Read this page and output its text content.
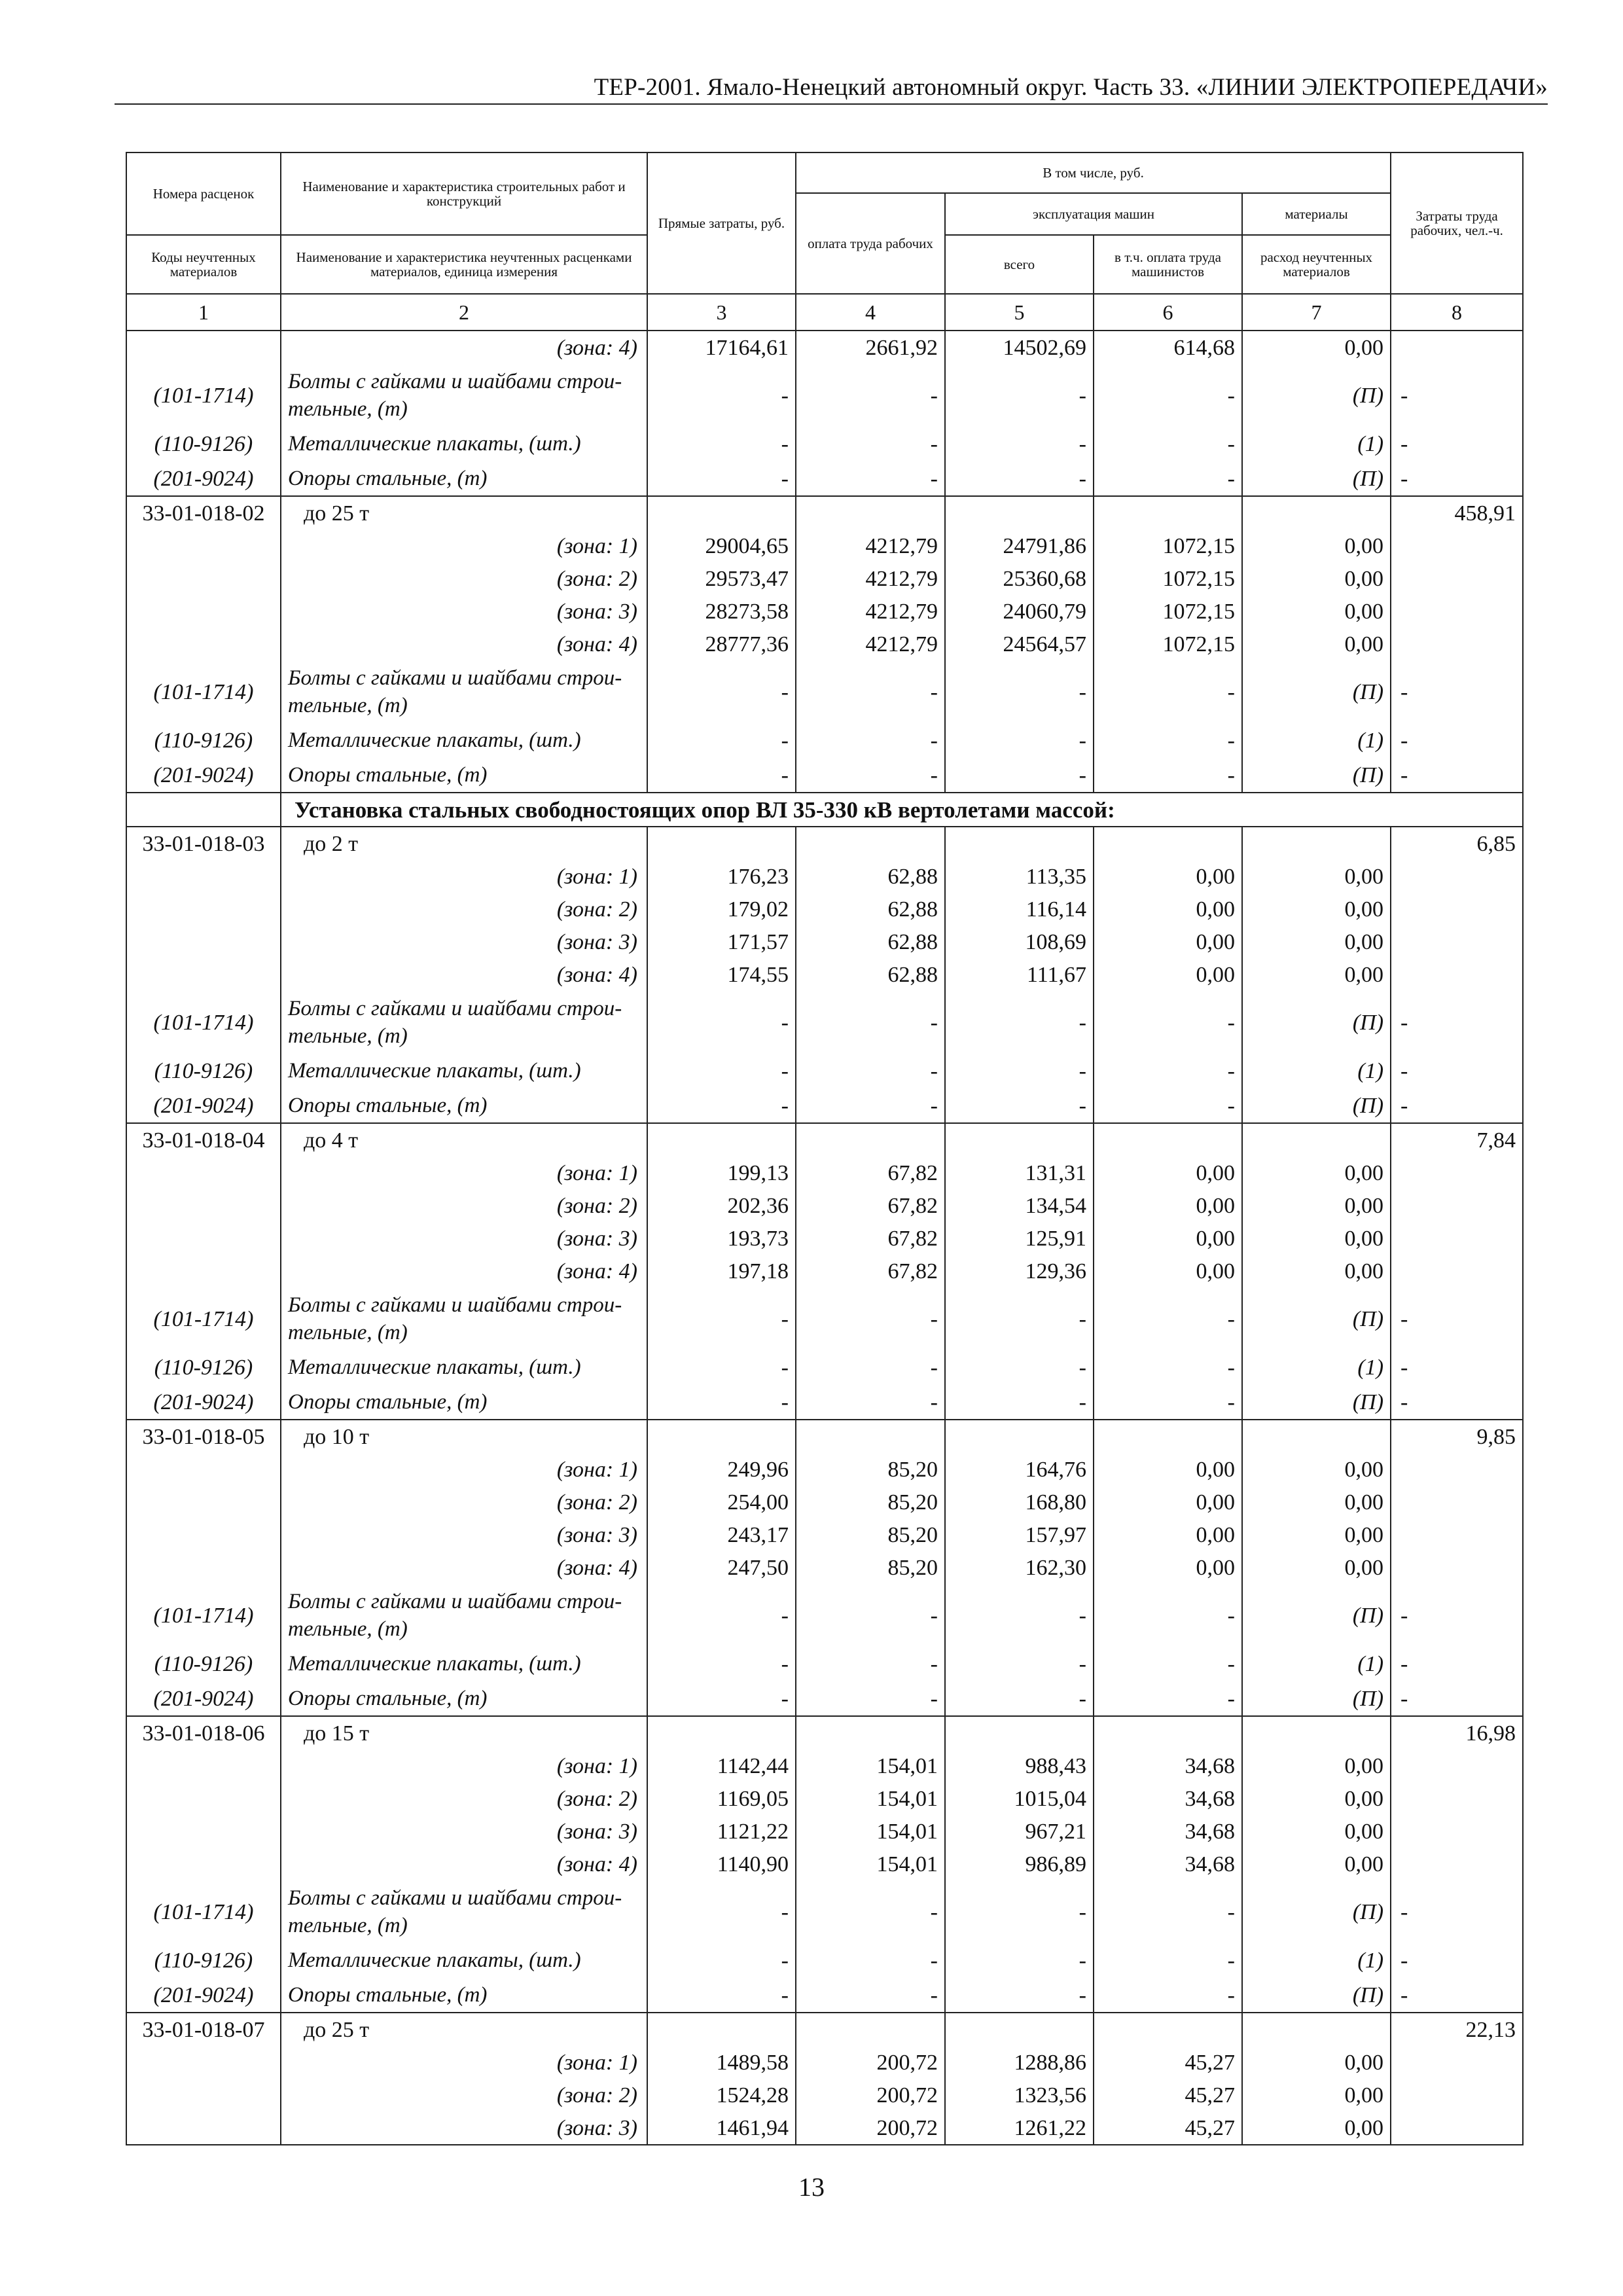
ТЕР-2001. Ямало-Ненецкий автономный округ. Часть 33. «ЛИНИИ ЭЛЕКТРОПЕРЕДАЧИ»
Номера расценок	Наименование и характеристика строительных работ и конструкций	Прямые затраты, руб.	В том числе, руб.				Затраты труда рабочих, чел.-ч.
			оплата труда рабочих	эксплуатация машин		материалы	
Коды неучтенных материалов	Наименование и характеристика неучтенных расценками материалов, единица измерения			всего	в т.ч. оплата труда машинистов	расход неучтенных материалов	
1	2	3	4	5	6	7	8
	(зона: 4)	17164,61	2661,92	14502,69	614,68	0,00	
(101-1714)	Болты с гайками и шайбами строи-тельные, (т)	-	-	-	-	(П)	-
(110-9126)	Металлические плакаты, (шт.)	-	-	-	-	(1)	-
(201-9024)	Опоры стальные, (т)	-	-	-	-	(П)	-
33-01-018-02	до 25 т						458,91
	(зона: 1)	29004,65	4212,79	24791,86	1072,15	0,00	
	(зона: 2)	29573,47	4212,79	25360,68	1072,15	0,00	
	(зона: 3)	28273,58	4212,79	24060,79	1072,15	0,00	
	(зона: 4)	28777,36	4212,79	24564,57	1072,15	0,00	
(101-1714)	Болты с гайками и шайбами строи-тельные, (т)	-	-	-	-	(П)	-
(110-9126)	Металлические плакаты, (шт.)	-	-	-	-	(1)	-
(201-9024)	Опоры стальные, (т)	-	-	-	-	(П)	-
	Установка стальных свободностоящих опор ВЛ 35-330 кВ вертолетами массой:						
33-01-018-03	до 2 т						6,85
	(зона: 1)	176,23	62,88	113,35	0,00	0,00	
	(зона: 2)	179,02	62,88	116,14	0,00	0,00	
	(зона: 3)	171,57	62,88	108,69	0,00	0,00	
	(зона: 4)	174,55	62,88	111,67	0,00	0,00	
(101-1714)	Болты с гайками и шайбами строи-тельные, (т)	-	-	-	-	(П)	-
(110-9126)	Металлические плакаты, (шт.)	-	-	-	-	(1)	-
(201-9024)	Опоры стальные, (т)	-	-	-	-	(П)	-
33-01-018-04	до 4 т						7,84
	(зона: 1)	199,13	67,82	131,31	0,00	0,00	
	(зона: 2)	202,36	67,82	134,54	0,00	0,00	
	(зона: 3)	193,73	67,82	125,91	0,00	0,00	
	(зона: 4)	197,18	67,82	129,36	0,00	0,00	
(101-1714)	Болты с гайками и шайбами строи-тельные, (т)	-	-	-	-	(П)	-
(110-9126)	Металлические плакаты, (шт.)	-	-	-	-	(1)	-
(201-9024)	Опоры стальные, (т)	-	-	-	-	(П)	-
33-01-018-05	до 10 т						9,85
	(зона: 1)	249,96	85,20	164,76	0,00	0,00	
	(зона: 2)	254,00	85,20	168,80	0,00	0,00	
	(зона: 3)	243,17	85,20	157,97	0,00	0,00	
	(зона: 4)	247,50	85,20	162,30	0,00	0,00	
(101-1714)	Болты с гайками и шайбами строи-тельные, (т)	-	-	-	-	(П)	-
(110-9126)	Металлические плакаты, (шт.)	-	-	-	-	(1)	-
(201-9024)	Опоры стальные, (т)	-	-	-	-	(П)	-
33-01-018-06	до 15 т						16,98
	(зона: 1)	1142,44	154,01	988,43	34,68	0,00	
	(зона: 2)	1169,05	154,01	1015,04	34,68	0,00	
	(зона: 3)	1121,22	154,01	967,21	34,68	0,00	
	(зона: 4)	1140,90	154,01	986,89	34,68	0,00	
(101-1714)	Болты с гайками и шайбами строи-тельные, (т)	-	-	-	-	(П)	-
(110-9126)	Металлические плакаты, (шт.)	-	-	-	-	(1)	-
(201-9024)	Опоры стальные, (т)	-	-	-	-	(П)	-
33-01-018-07	до 25 т						22,13
	(зона: 1)	1489,58	200,72	1288,86	45,27	0,00	
	(зона: 2)	1524,28	200,72	1323,56	45,27	0,00	
	(зона: 3)	1461,94	200,72	1261,22	45,27	0,00	
13
